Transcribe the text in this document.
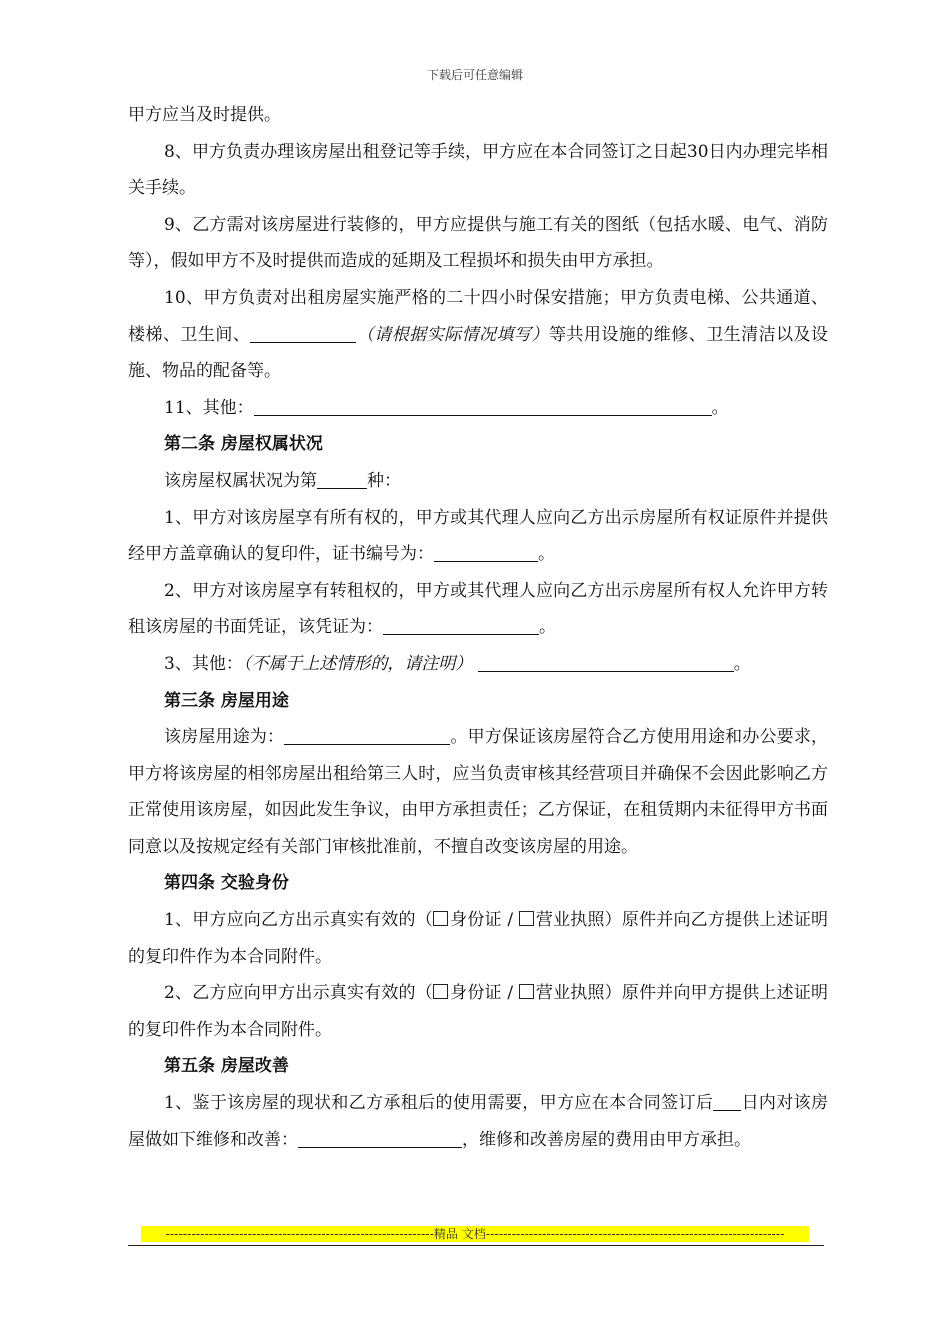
下载后可任意编辑

甲方应当及时提供。

8、甲方负责办理该房屋出租登记等手续，甲方应在本合同签订之日起30日内办理完毕相关手续。

9、乙方需对该房屋进行装修的，甲方应提供与施工有关的图纸（包括水暖、电气、消防等），假如甲方不及时提供而造成的延期及工程损坏和损失由甲方承担。

10、甲方负责对出租房屋实施严格的二十四小时保安措施；甲方负责电梯、公共通道、楼梯、卫生间、	（请根据实际情况填写）等共用设施的维修、卫生清洁以及设施、物品的配备等。

11、其他：	。

第二条 房屋权属状况

该房屋权属状况为第	种：

1、甲方对该房屋享有所有权的，甲方或其代理人应向乙方出示房屋所有权证原件并提供经甲方盖章确认的复印件，证书编号为：	。

2、甲方对该房屋享有转租权的，甲方或其代理人应向乙方出示房屋所有权人允许甲方转租该房屋的书面凭证，该凭证为：	。

3、其他：（不属于上述情形的，请注明）	。

第三条 房屋用途

该房屋用途为：	。甲方保证该房屋符合乙方使用用途和办公要求，甲方将该房屋的相邻房屋出租给第三人时，应当负责审核其经营项目并确保不会因此影响乙方正常使用该房屋，如因此发生争议，由甲方承担责任；乙方保证，在租赁期内未征得甲方书面同意以及按规定经有关部门审核批准前，不擅自改变该房屋的用途。

第四条 交验身份

1、甲方应向乙方出示真实有效的（ 身份证 / 营业执照）原件并向乙方提供上述证明的复印件作为本合同附件。

2、乙方应向甲方出示真实有效的（ 身份证 / 营业执照）原件并向甲方提供上述证明的复印件作为本合同附件。

第五条 房屋改善

1、鉴于该房屋的现状和乙方承租后的使用需要，甲方应在本合同签订后 日内对该房屋做如下维修和改善：	，维修和改善房屋的费用由甲方承担。

--------------------------------------------------------------精品 文档---------------------------------------------------------------------
